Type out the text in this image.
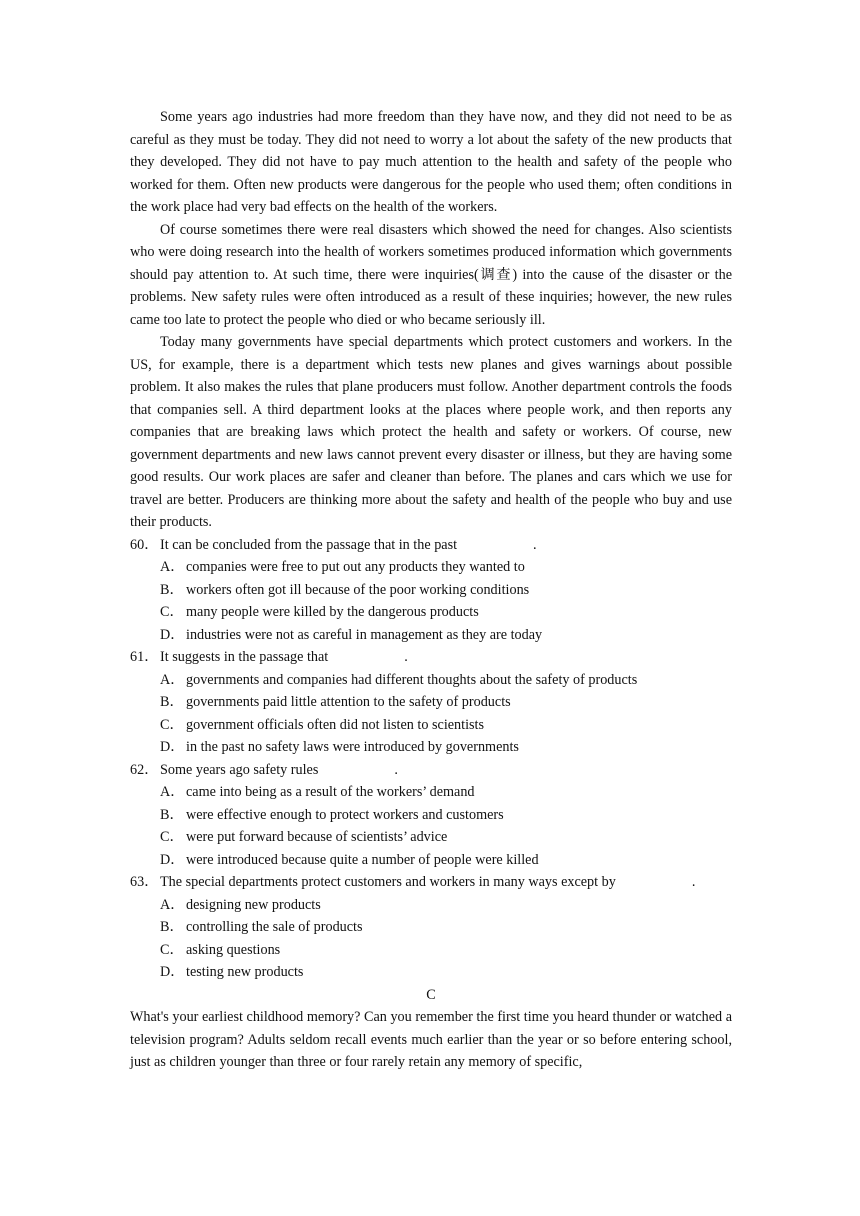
Some years ago industries had more freedom than they have now, and they did not need to be as careful as they must be today. They did not need to worry a lot about the safety of the new products that they developed. They did not have to pay much attention to the health and safety of the people who worked for them. Often new products were dangerous for the people who used them; often conditions in the work place had very bad effects on the health of the workers.

Of course sometimes there were real disasters which showed the need for changes. Also scientists who were doing research into the health of workers sometimes produced information which governments should pay attention to. At such time, there were inquiries(调查) into the cause of the disaster or the problems. New safety rules were often introduced as a result of these inquiries; however, the new rules came too late to protect the people who died or who became seriously ill.

Today many governments have special departments which protect customers and workers. In the US, for example, there is a department which tests new planes and gives warnings about possible problem. It also makes the rules that plane producers must follow. Another department controls the foods that companies sell. A third department looks at the places where people work, and then reports any companies that are breaking laws which protect the health and safety or workers. Of course, new government departments and new laws cannot prevent every disaster or illness, but they are having some good results. Our work places are safer and cleaner than before. The planes and cars which we use for travel are better. Producers are thinking more about the safety and health of the people who buy and use their products.

60． It can be concluded from the passage that in the past	.

A． companies were free to put out any products they wanted to

B． workers often got ill because of the poor working conditions

C． many people were killed by the dangerous products

D． industries were not as careful in management as they are today

61． It suggests in the passage that	.

A． governments and companies had different thoughts about the safety of products

B． governments paid little attention to the safety of products

C． government officials often did not listen to scientists

D． in the past no safety laws were introduced by governments

62． Some years ago safety rules	.

A． came into being as a result of the workers’ demand

B． were effective enough to protect workers and customers

C． were put forward because of scientists’ advice

D． were introduced because quite a number of people were killed

63． The special departments protect customers and workers in many ways except by	.

A． designing new products

B． controlling the sale of products

C． asking questions

D． testing new products

C

What's your earliest childhood memory? Can you remember the first time you heard thunder or watched a television program? Adults seldom recall events much earlier than the year or so before entering school, just as children younger than three or four rarely retain any memory of specific,
